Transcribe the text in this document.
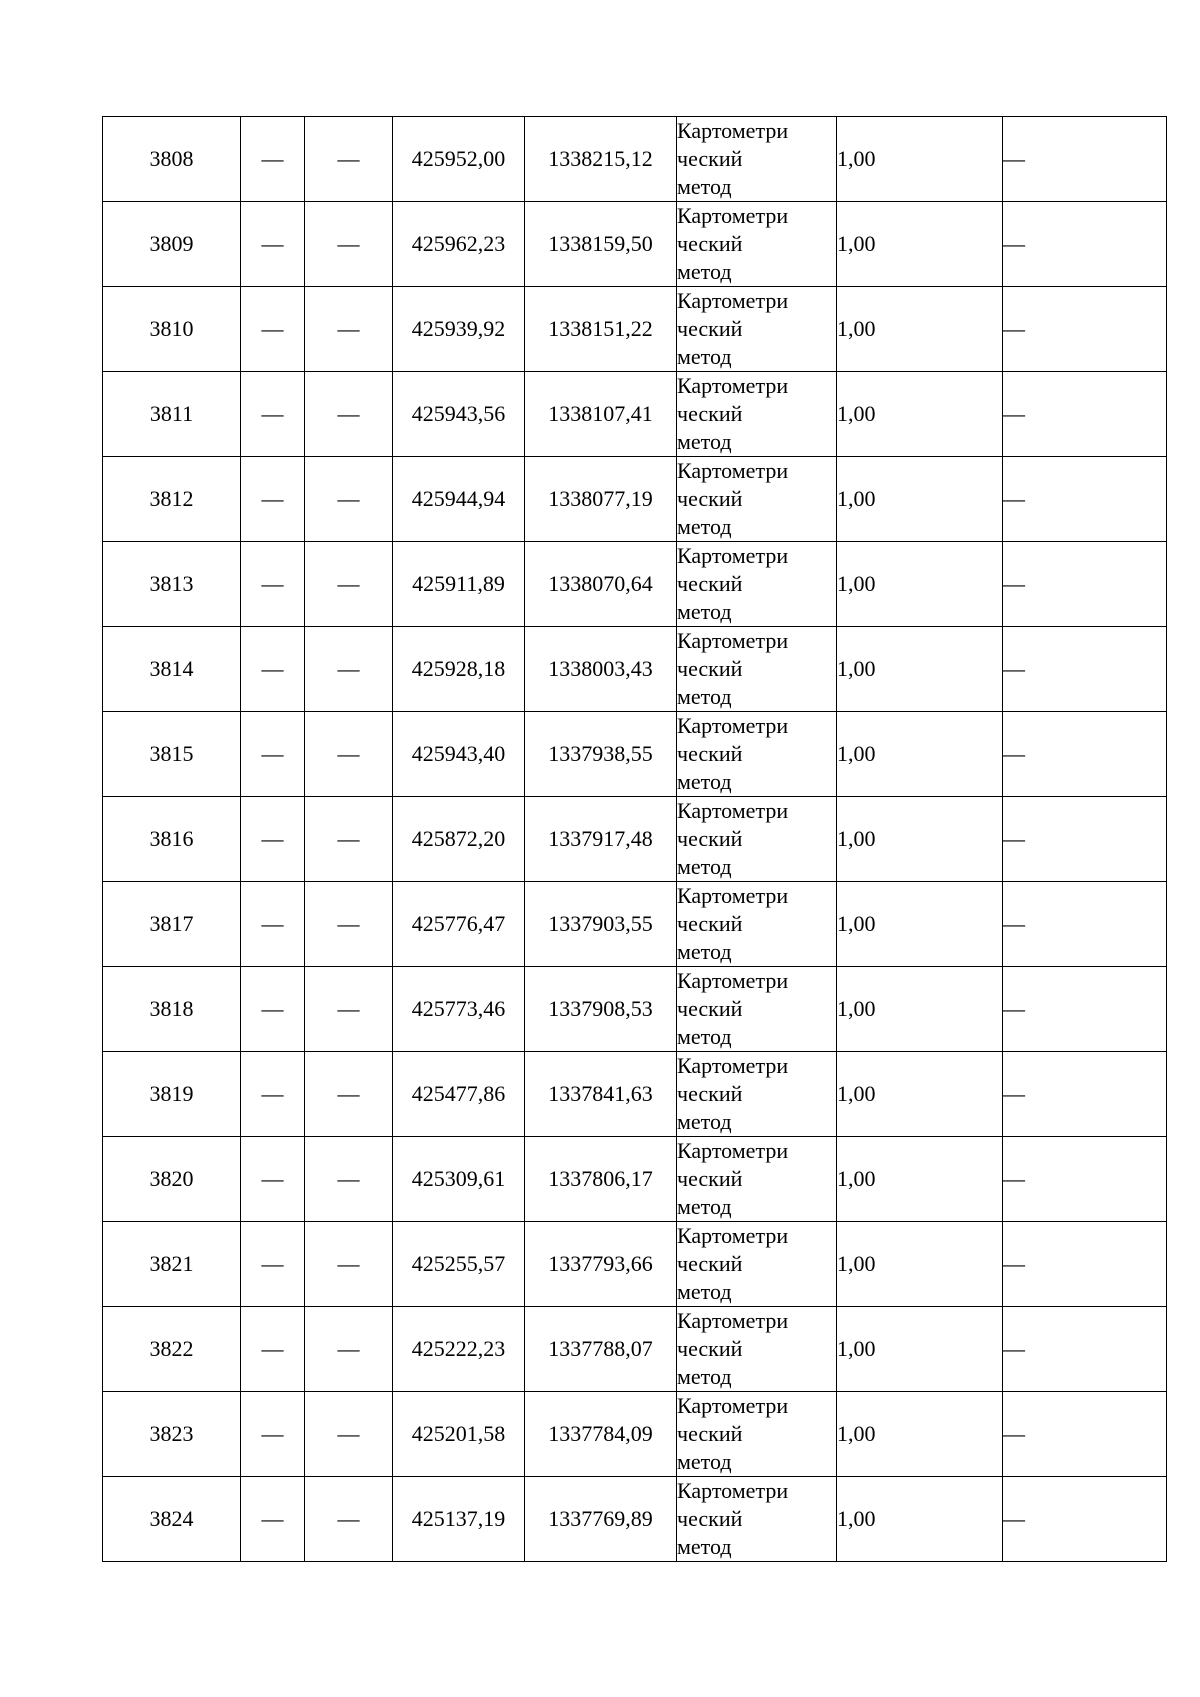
3808	—	—	425952,00	1338215,12	Картометри
ческий
метод	1,00	—
3809	—	—	425962,23	1338159,50	Картометри
ческий
метод	1,00	—
3810	—	—	425939,92	1338151,22	Картометри
ческий
метод	1,00	—
3811	—	—	425943,56	1338107,41	Картометри
ческий
метод	1,00	—
3812	—	—	425944,94	1338077,19	Картометри
ческий
метод	1,00	—
3813	—	—	425911,89	1338070,64	Картометри
ческий
метод	1,00	—
3814	—	—	425928,18	1338003,43	Картометри
ческий
метод	1,00	—
3815	—	—	425943,40	1337938,55	Картометри
ческий
метод	1,00	—
3816	—	—	425872,20	1337917,48	Картометри
ческий
метод	1,00	—
3817	—	—	425776,47	1337903,55	Картометри
ческий
метод	1,00	—
3818	—	—	425773,46	1337908,53	Картометри
ческий
метод	1,00	—
3819	—	—	425477,86	1337841,63	Картометри
ческий
метод	1,00	—
3820	—	—	425309,61	1337806,17	Картометри
ческий
метод	1,00	—
3821	—	—	425255,57	1337793,66	Картометри
ческий
метод	1,00	—
3822	—	—	425222,23	1337788,07	Картометри
ческий
метод	1,00	—
3823	—	—	425201,58	1337784,09	Картометри
ческий
метод	1,00	—
3824	—	—	425137,19	1337769,89	Картометри
ческий
метод	1,00	—
